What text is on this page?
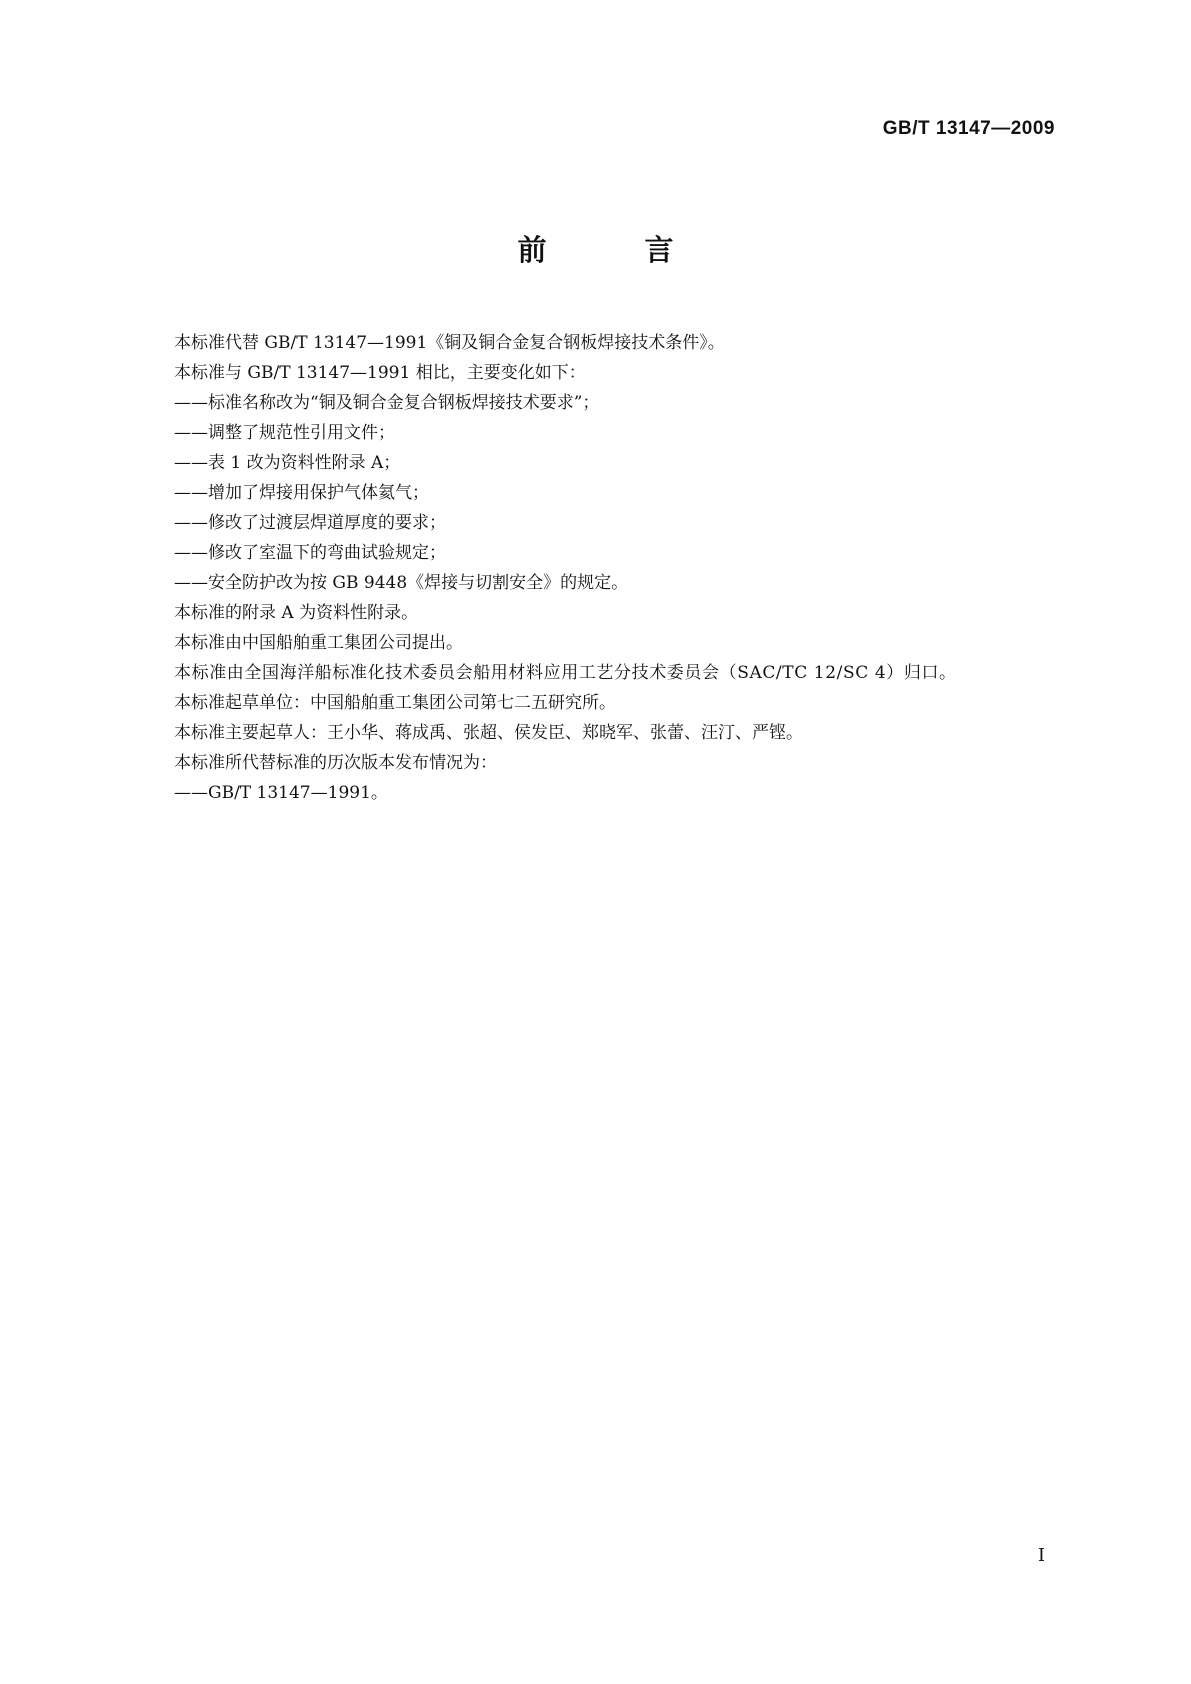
GB/T 13147—2009
前 言

本标准代替 GB/T 13147—1991《铜及铜合金复合钢板焊接技术条件》。

本标准与 GB/T 13147—1991 相比，主要变化如下：

——标准名称改为“铜及铜合金复合钢板焊接技术要求”；

——调整了规范性引用文件；

——表 1 改为资料性附录 A；

——增加了焊接用保护气体氦气；

——修改了过渡层焊道厚度的要求；

——修改了室温下的弯曲试验规定；

——安全防护改为按 GB 9448《焊接与切割安全》的规定。

本标准的附录 A 为资料性附录。

本标准由中国船舶重工集团公司提出。

本标准由全国海洋船标准化技术委员会船用材料应用工艺分技术委员会（SAC/TC 12/SC 4）归口。

本标准起草单位：中国船舶重工集团公司第七二五研究所。

本标准主要起草人：王小华、蒋成禹、张超、侯发臣、郑晓军、张蕾、汪汀、严铿。

本标准所代替标准的历次版本发布情况为：

——GB/T 13147—1991。

I
